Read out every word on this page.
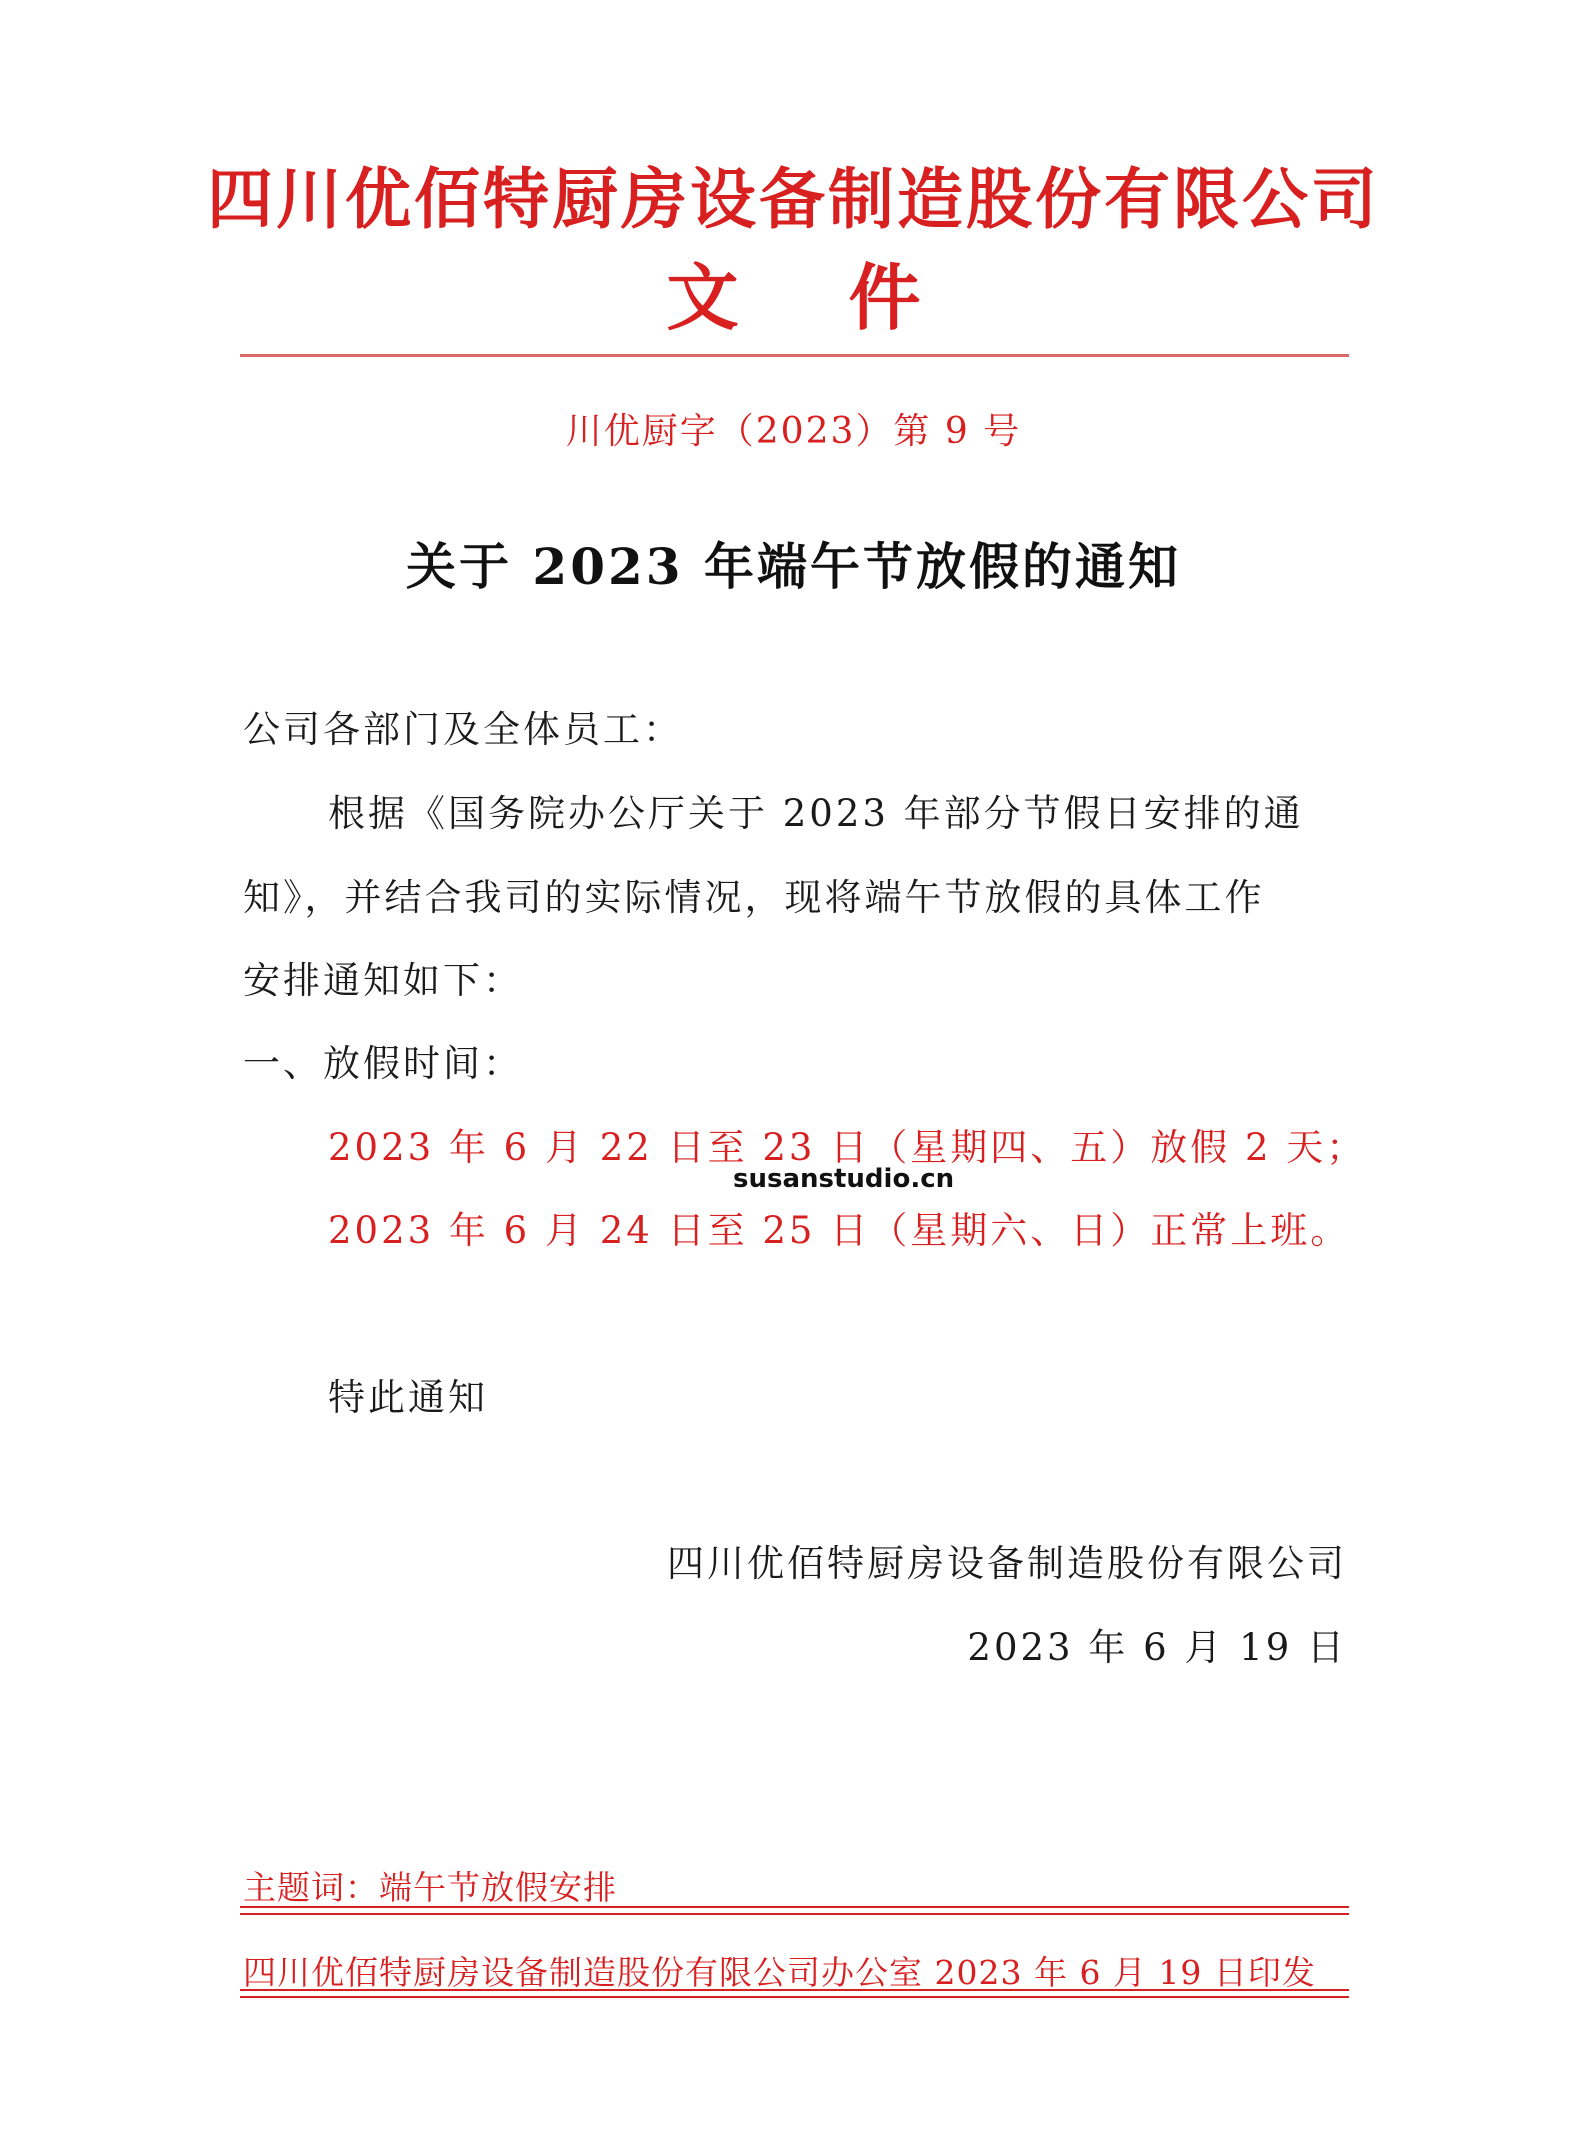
四川优佰特厨房设备制造股份有限公司
文件
川优厨字（2023）第 9 号
关于 2023 年端午节放假的通知
公司各部门及全体员工：
根据《国务院办公厅关于 2023 年部分节假日安排的通
知》，并结合我司的实际情况，现将端午节放假的具体工作
安排通知如下：
一、放假时间：
2023 年 6 月 22 日至 23 日（星期四、五）放假 2 天；
susanstudio.cn
2023 年 6 月 24 日至 25 日（星期六、日）正常上班。
特此通知
四川优佰特厨房设备制造股份有限公司
2023 年 6 月 19 日
主题词：端午节放假安排
四川优佰特厨房设备制造股份有限公司办公室 2023 年 6 月 19 日印发
